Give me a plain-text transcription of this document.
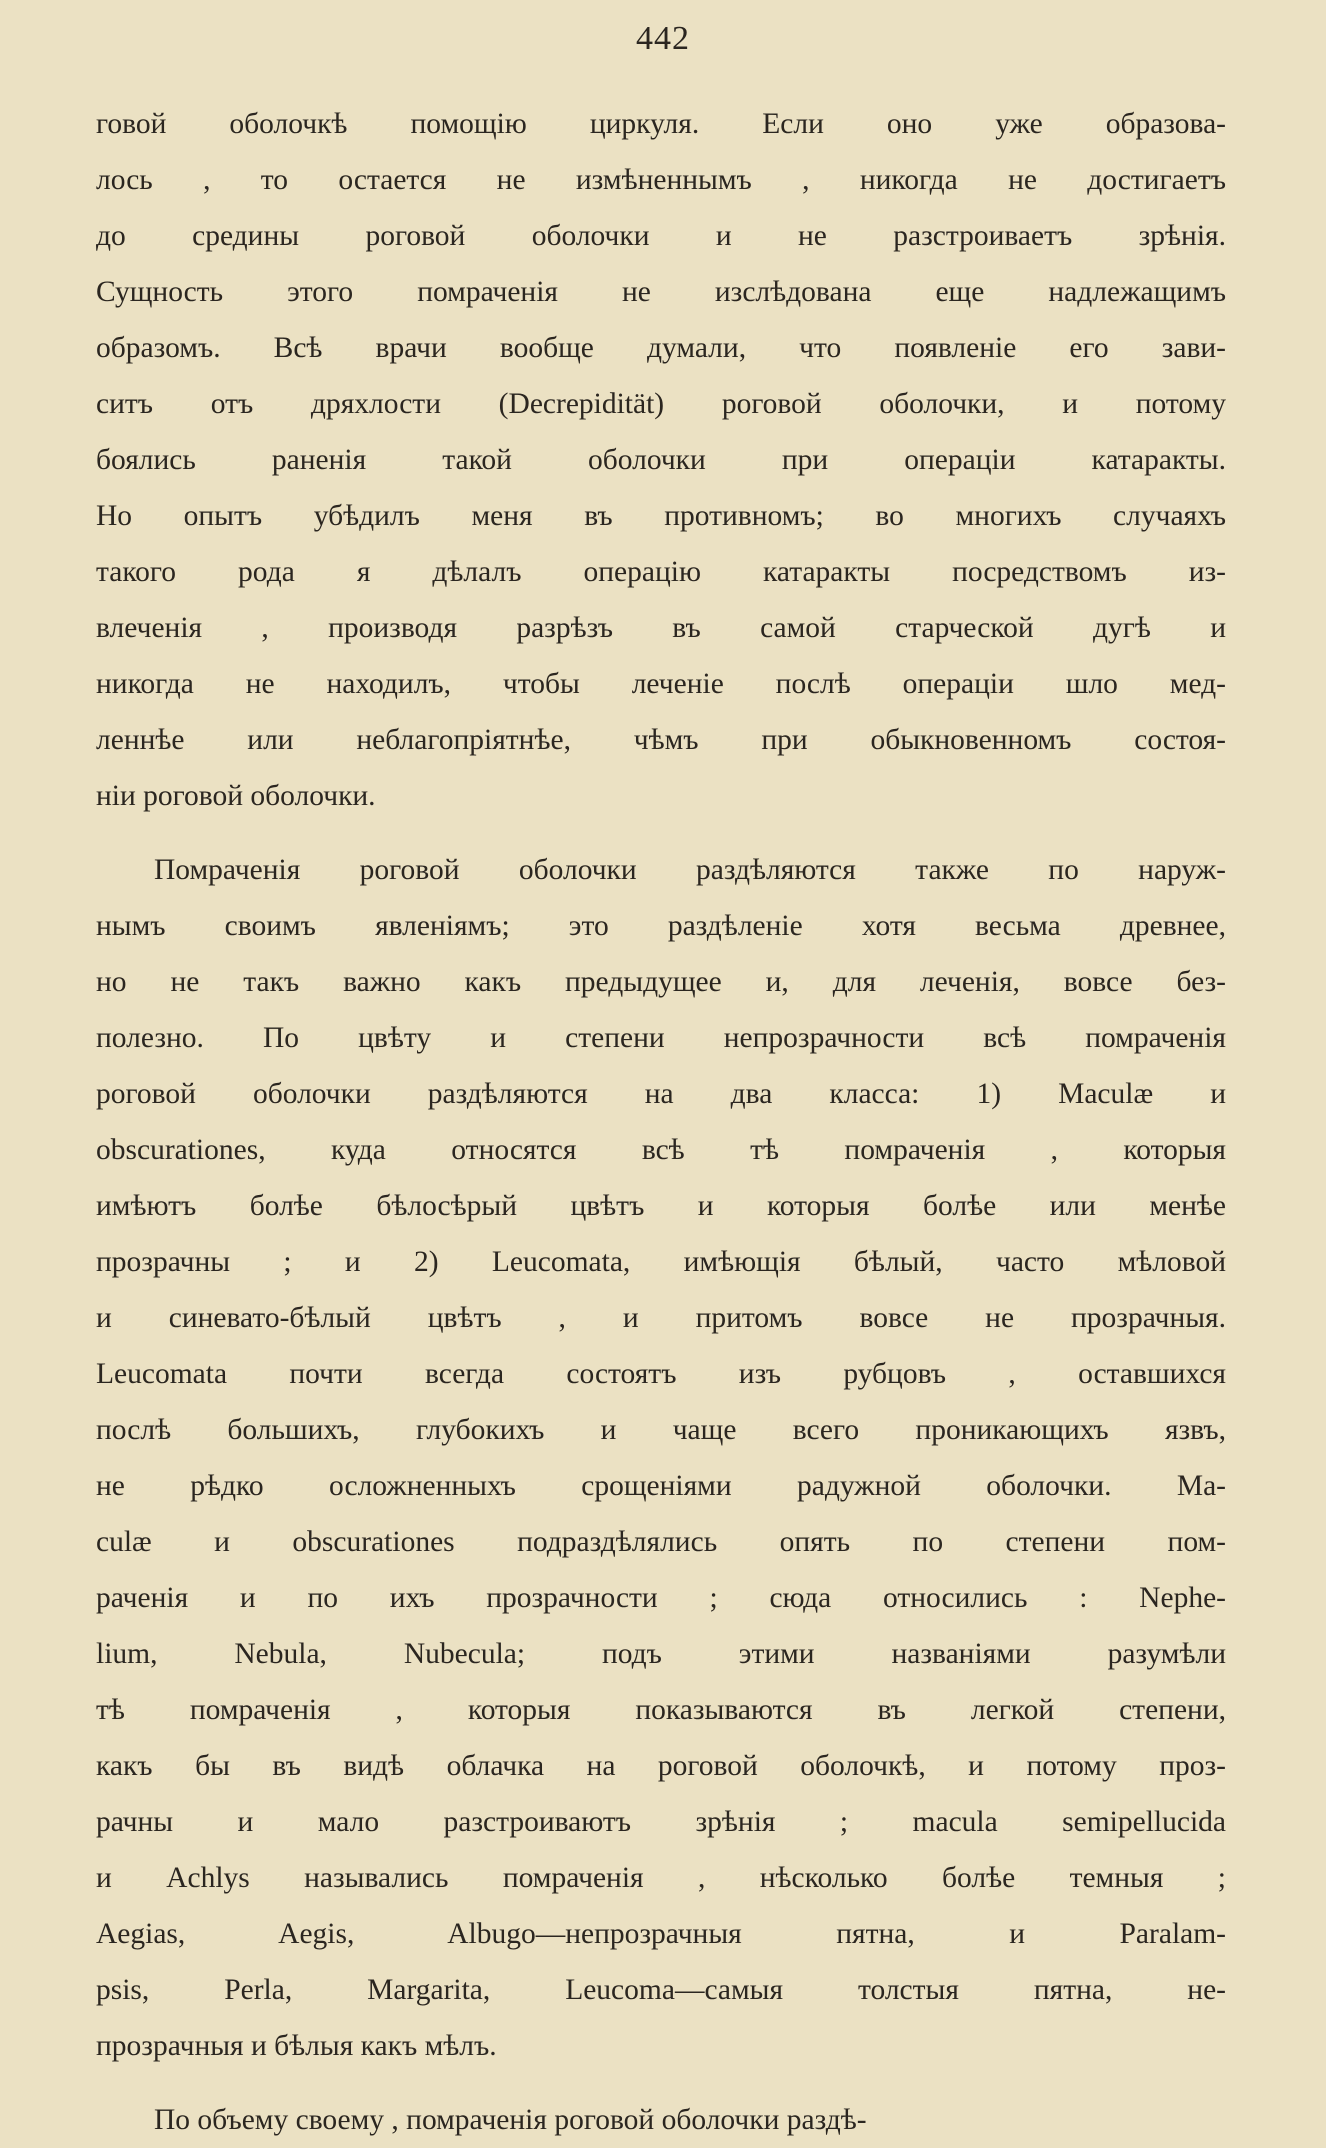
442
говой оболочкѣ помощію циркуля. Если оно уже образова-
лось , то остается не измѣненнымъ , никогда не достигаетъ
до средины роговой оболочки и не разстроиваетъ зрѣнія.
Сущность этого помраченія не изслѣдована еще надлежащимъ
образомъ. Всѣ врачи вообще думали, что появленіе его зави-
ситъ отъ дряхлости (Decrepidität) роговой оболочки, и потому
боялись раненія такой оболочки при операціи катаракты.
Но опытъ убѣдилъ меня въ противномъ; во многихъ случаяхъ
такого рода я дѣлалъ операцію катаракты посредствомъ из-
влеченія , производя разрѣзъ въ самой старческой дугѣ и
никогда не находилъ, чтобы леченіе послѣ операціи шло мед-
леннѣе или неблагопріятнѣе, чѣмъ при обыкновенномъ состоя-
ніи роговой оболочки.
Помраченія роговой оболочки раздѣляются также по наруж-
нымъ своимъ явленіямъ; это раздѣленіе хотя весьма древнее,
но не такъ важно какъ предыдущее и, для леченія, вовсе без-
полезно. По цвѣту и степени непрозрачности всѣ помраченія
роговой оболочки раздѣляются на два класса: 1) Maculæ и
obscurationes, куда относятся всѣ тѣ помраченія , которыя
имѣютъ болѣе бѣлосѣрый цвѣтъ и которыя болѣе или менѣе
прозрачны ; и 2) Leucomata, имѣющія бѣлый, часто мѣловой
и синевато-бѣлый цвѣтъ , и притомъ вовсе не прозрачныя.
Leucomata почти всегда состоятъ изъ рубцовъ , оставшихся
послѣ большихъ, глубокихъ и чаще всего проникающихъ язвъ,
не рѣдко осложненныхъ срощеніями радужной оболочки. Ma-
culæ и obscurationes подраздѣлялись опять по степени пом-
раченія и по ихъ прозрачности ; сюда относились : Nephe-
lium, Nebula, Nubecula; подъ этими названіями разумѣли
тѣ помраченія , которыя показываются въ легкой степени,
какъ бы въ видѣ облачка на роговой оболочкѣ, и потому проз-
рачны и мало разстроиваютъ зрѣнія ; macula semipellucida
и Achlys назывались помраченія , нѣсколько болѣе темныя ;
Aegias, Aegis, Albugo—непрозрачныя пятна, и Paralam-
psis, Perla, Margarita, Leucoma—самыя толстыя пятна, не-
прозрачныя и бѣлыя какъ мѣлъ.
По объему своему , помраченія роговой оболочки раздѣ-
